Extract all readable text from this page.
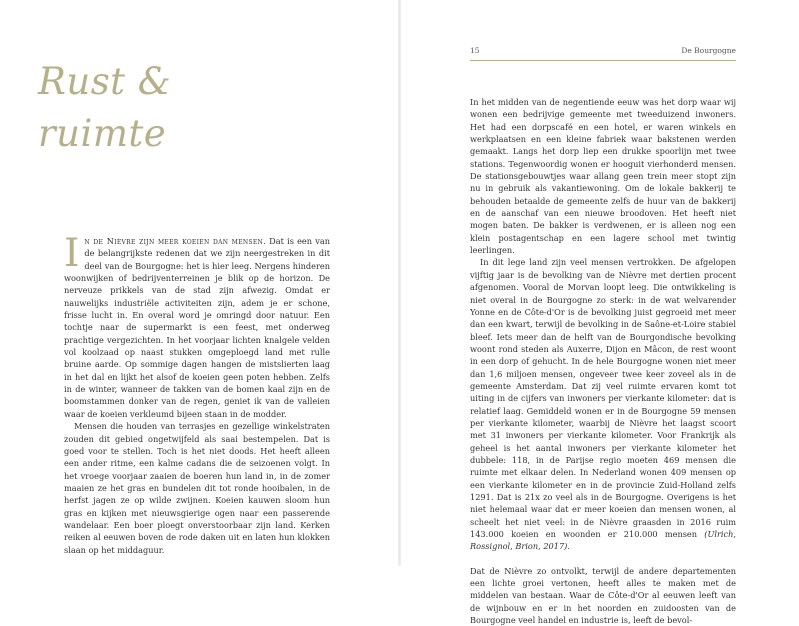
Rust &
ruimte

In de Nièvre zijn meer koeien dan mensen. Dat is een van de belangrijkste redenen dat we zijn neergestreken in dit deel van de Bourgogne: het is hier leeg. Nergens hinderen woonwijken of bedrijventerreinen je blik op de horizon. De nerveuze prikkels van de stad zijn afwezig. Omdat er nauwelijks industriële activiteiten zijn, adem je er schone, frisse lucht in. En overal word je omringd door natuur. Een tochtje naar de supermarkt is een feest, met onderweg prachtige vergezichten. In het voorjaar lichten knalgele velden vol koolzaad op naast stukken omgeploegd land met rulle bruine aarde. Op sommige dagen hangen de mistslierten laag in het dal en lijkt het alsof de koeien geen poten hebben. Zelfs in de winter, wanneer de takken van de bomen kaal zijn en de boomstammen donker van de regen, geniet ik van de valleien waar de koeien verkleumd bijeen staan in de modder.

Mensen die houden van terrasjes en gezellige winkelstraten zouden dit gebied ongetwijfeld als saai bestempelen. Dat is goed voor te stellen. Toch is het niet doods. Het heeft alleen een ander ritme, een kalme cadans die de seizoenen volgt. In het vroege voorjaar zaaien de boeren hun land in, in de zomer maaien ze het gras en bundelen dit tot ronde hooibalen, in de herfst jagen ze op wilde zwijnen. Koeien kauwen sloom hun gras en kijken met nieuwsgierige ogen naar een passerende wandelaar. Een boer ploegt onverstoorbaar zijn land. Kerken reiken al eeuwen boven de rode daken uit en laten hun klokken slaan op het middaguur.

15	De Bourgogne

In het midden van de negentiende eeuw was het dorp waar wij wonen een bedrijvige gemeente met tweeduizend inwoners. Het had een dorpscafé en een hotel, er waren winkels en werkplaatsen en een kleine fabriek waar bakstenen werden gemaakt. Langs het dorp liep een drukke spoorlijn met twee stations. Tegenwoordig wonen er hooguit vierhonderd mensen. De stationsgebouwtjes waar allang geen trein meer stopt zijn nu in gebruik als vakantiewoning. Om de lokale bakkerij te behouden betaalde de gemeente zelfs de huur van de bakkerij en de aanschaf van een nieuwe broodoven. Het heeft niet mogen baten. De bakker is verdwenen, er is alleen nog een klein postagentschap en een lagere school met twintig leerlingen.

In dit lege land zijn veel mensen vertrokken. De afgelopen vijftig jaar is de bevolking van de Nièvre met dertien procent afgenomen. Vooral de Morvan loopt leeg. Die ontwikkeling is niet overal in de Bourgogne zo sterk: in de wat welvarender Yonne en de Côte-d'Or is de bevolking juist gegroeid met meer dan een kwart, terwijl de bevolking in de Saône-et-Loire stabiel bleef. Iets meer dan de helft van de Bourgondische bevolking woont rond steden als Auxerre, Dijon en Mâcon, de rest woont in een dorp of gehucht. In de hele Bourgogne wonen niet meer dan 1,6 miljoen mensen, ongeveer twee keer zoveel als in de gemeente Amsterdam. Dat zij veel ruimte ervaren komt tot uiting in de cijfers van inwoners per vierkante kilometer: dat is relatief laag. Gemiddeld wonen er in de Bourgogne 59 mensen per vierkante kilometer, waarbij de Nièvre het laagst scoort met 31 inwoners per vierkante kilometer. Voor Frankrijk als geheel is het aantal inwoners per vierkante kilometer het dubbele: 118, in de Parijse regio moeten 469 mensen die ruimte met elkaar delen. In Nederland wonen 409 mensen op een vierkante kilometer en in de provincie Zuid-Holland zelfs 1291. Dat is 21x zo veel als in de Bourgogne. Overigens is het niet helemaal waar dat er meer koeien dan mensen wonen, al scheelt het niet veel: in de Nièvre graasden in 2016 ruim 143.000 koeien en woonden er 210.000 mensen (Ulrich, Rossignol, Brion, 2017).

Dat de Nièvre zo ontvolkt, terwijl de andere departementen een lichte groei vertonen, heeft alles te maken met de middelen van bestaan. Waar de Côte-d'Or al eeuwen leeft van de wijnbouw en er in het noorden en zuidoosten van de Bourgogne veel handel en industrie is, leeft de bevol-
